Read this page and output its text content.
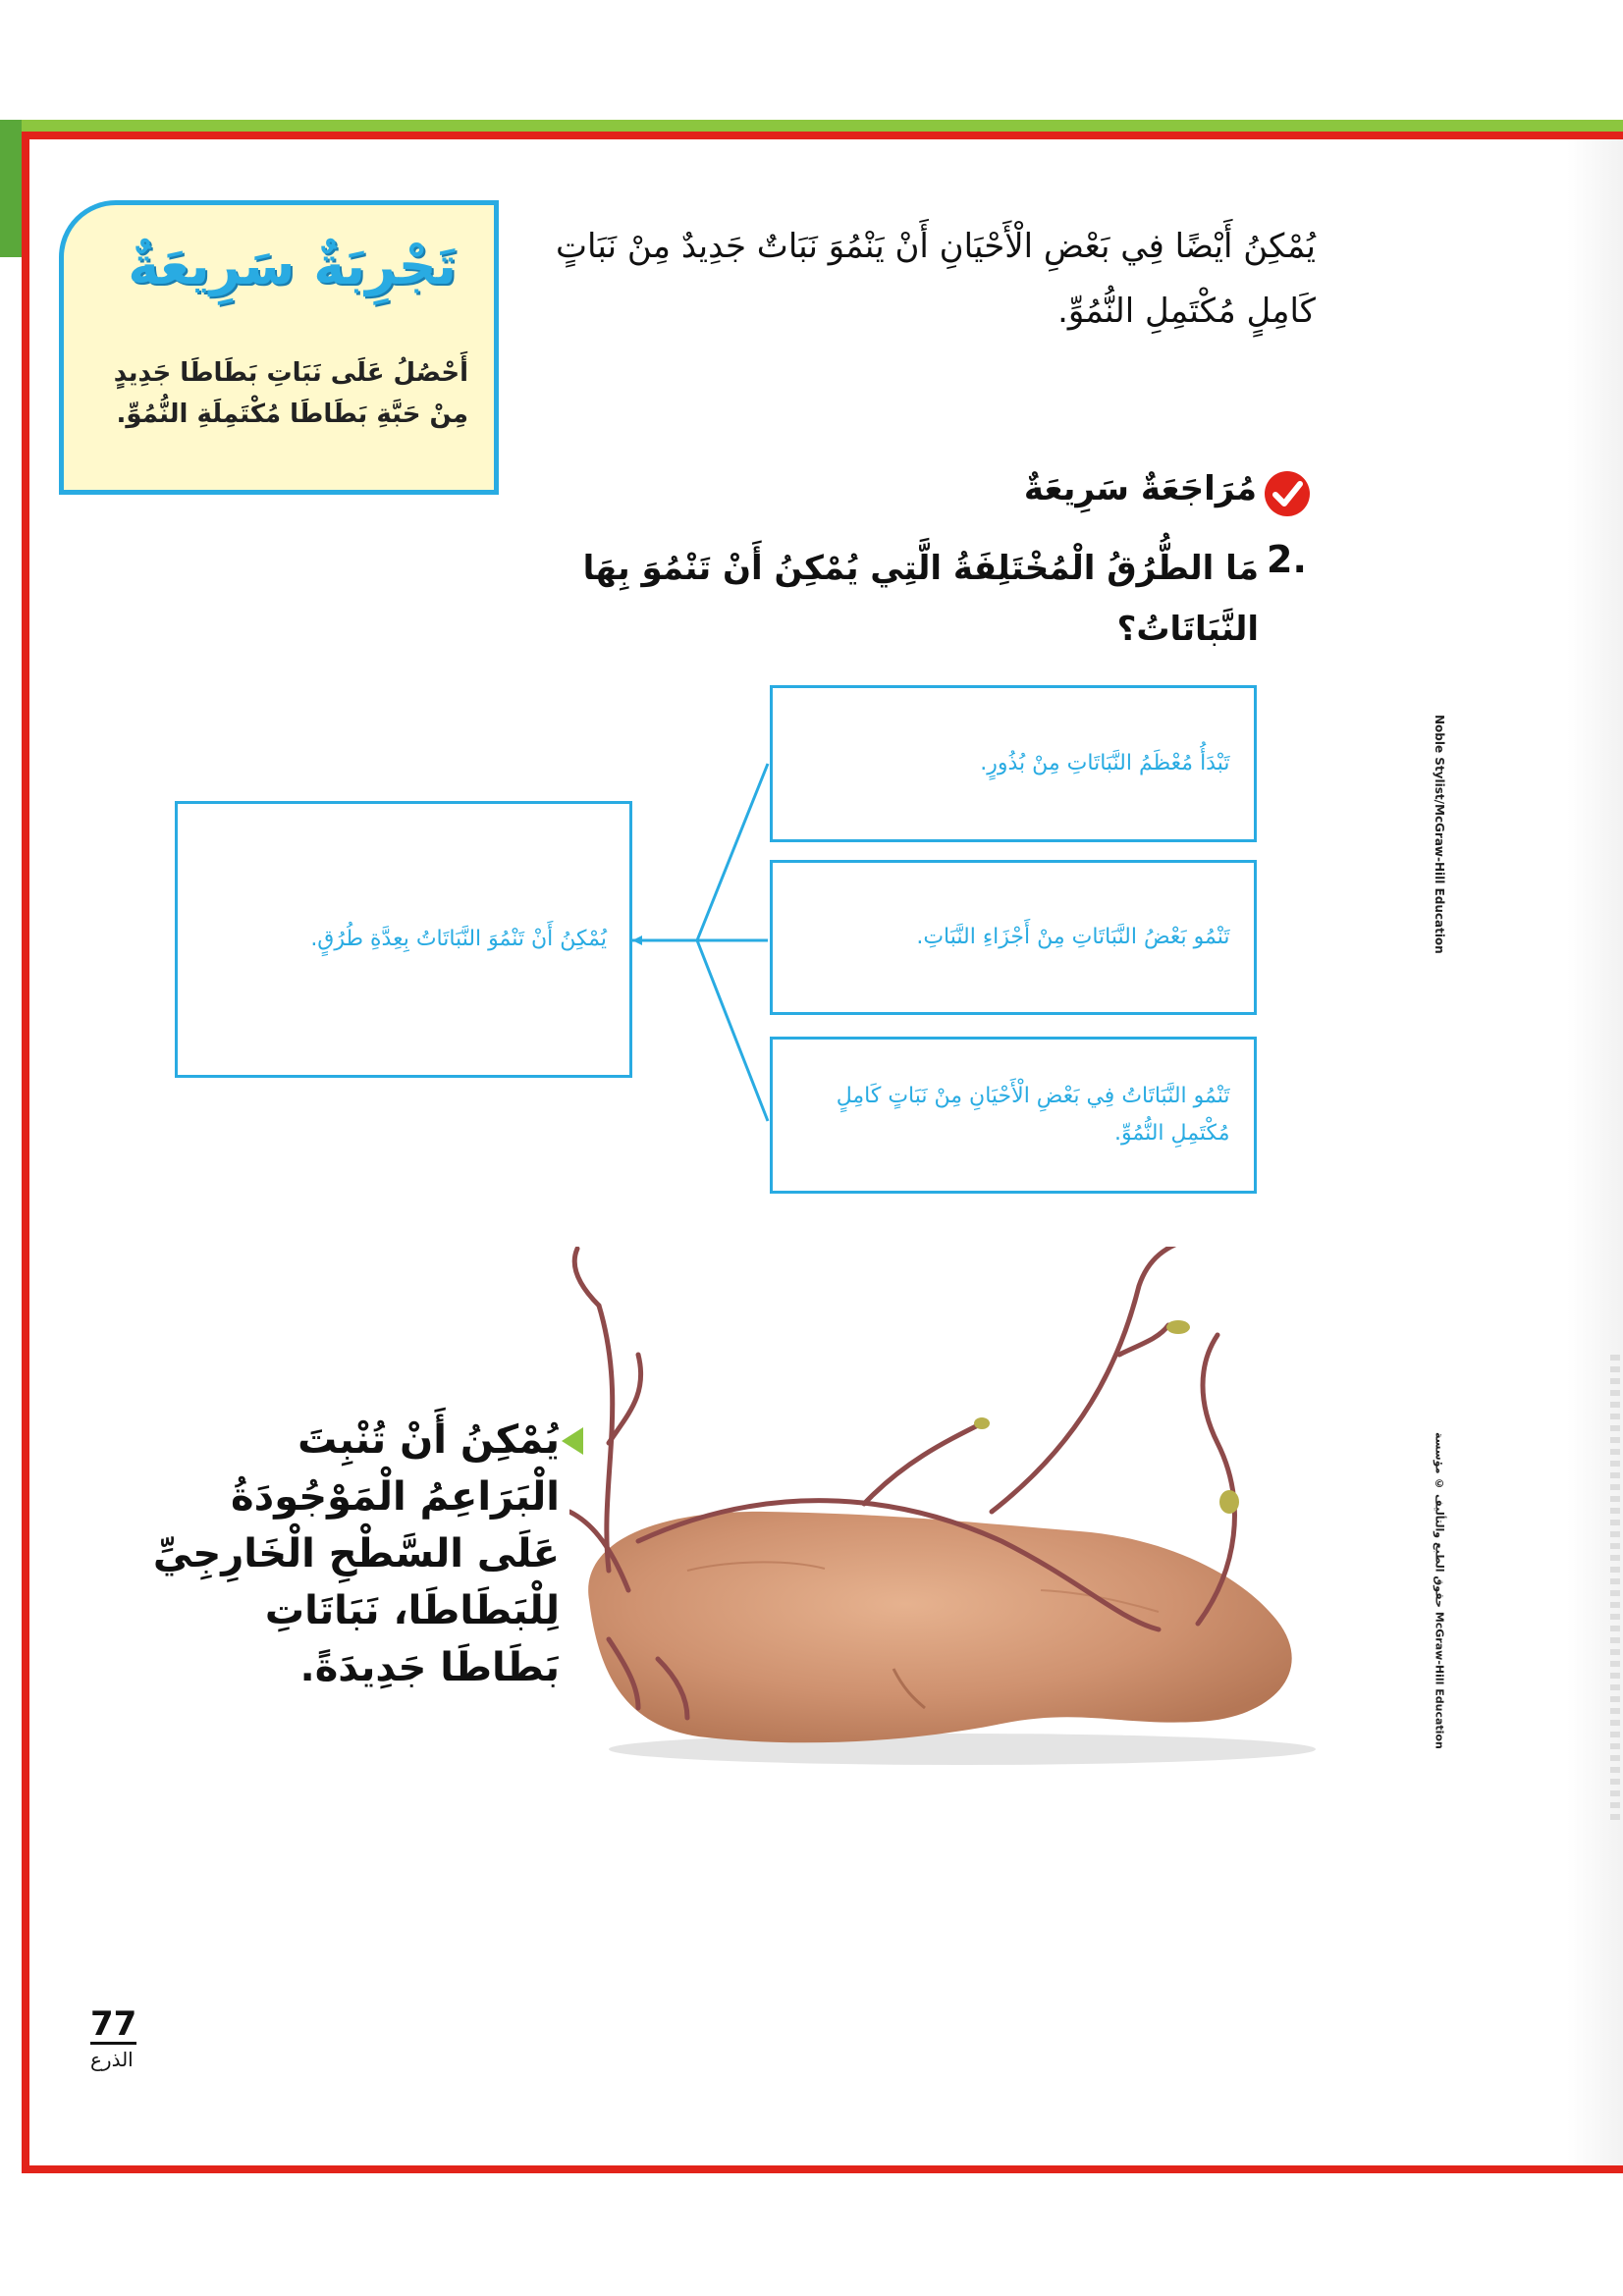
تَجْرِبَةٌ سَرِيعَةٌ
أَحْصُلُ عَلَى نَبَاتِ بَطَاطَا جَدِيدٍ مِنْ حَبَّةِ بَطَاطَا مُكْتَمِلَةِ النُّمُوِّ.
يُمْكِنُ أَيْضًا فِي بَعْضِ الْأَحْيَانِ أَنْ يَنْمُوَ نَبَاتٌ جَدِيدٌ مِنْ نَبَاتٍ كَامِلٍ مُكْتَمِلِ النُّمُوِّ.
مُرَاجَعَةٌ سَرِيعَةٌ
2.
مَا الطُّرُقُ الْمُخْتَلِفَةُ الَّتِي يُمْكِنُ أَنْ تَنْمُوَ بِهَا النَّبَاتَاتُ؟
يُمْكِنُ أَنْ تَنْمُوَ النَّبَاتَاتُ بِعِدَّةِ طُرُقٍ.
تَبْدَأُ مُعْظَمُ النَّبَاتَاتِ مِنْ بُذُورٍ.
تَنْمُو بَعْضُ النَّبَاتَاتِ مِنْ أَجْزَاءِ النَّبَاتِ.
تَنْمُو النَّبَاتَاتُ فِي بَعْضِ الْأَحْيَانِ مِنْ نَبَاتٍ كَامِلٍ مُكْتَمِلِ النُّمُوِّ.
يُمْكِنُ أَنْ تُنْبِتَ الْبَرَاعِمُ الْمَوْجُودَةُ عَلَى السَّطْحِ الْخَارِجِيِّ لِلْبَطَاطَا، نَبَاتَاتِ بَطَاطَا جَدِيدَةً.
Noble Stylist/McGraw-Hill Education
حقوق الطبع والتأليف © مؤسسة McGraw-Hill Education
77
الذرع
